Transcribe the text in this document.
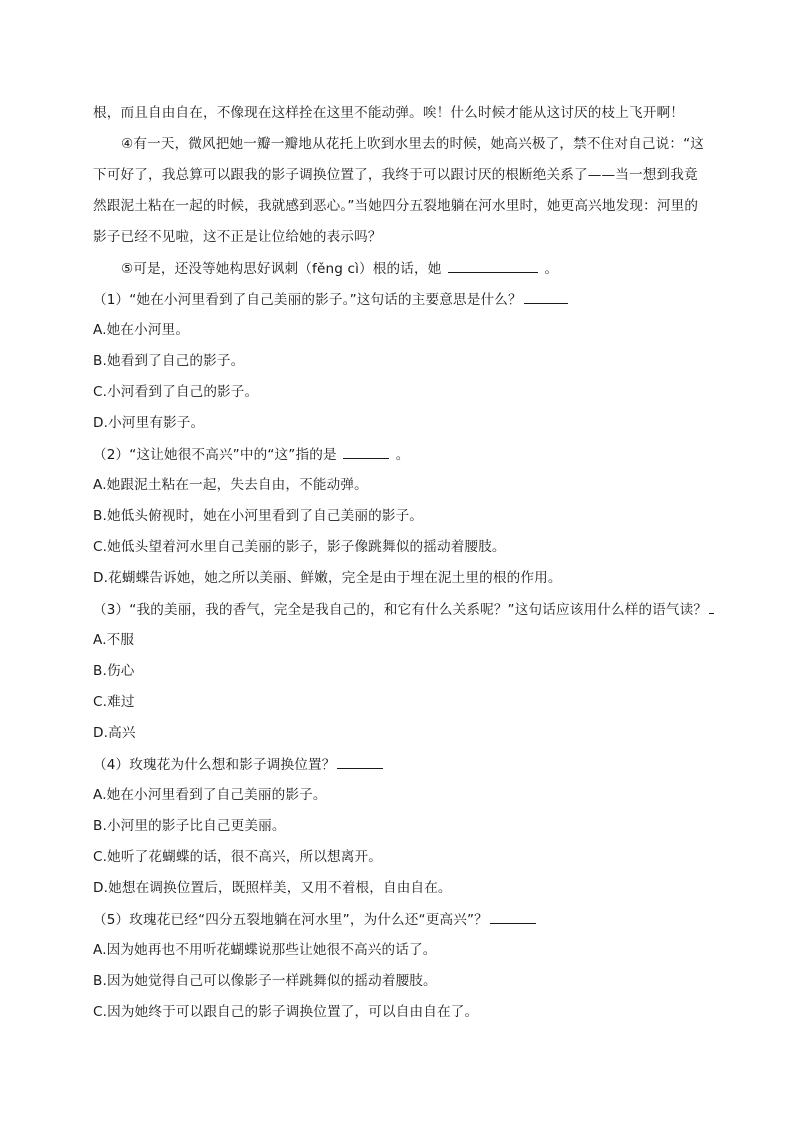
根，而且自由自在，不像现在这样拴在这里不能动弹。唉！什么时候才能从这讨厌的枝上飞开啊！
④有一天，微风把她一瓣一瓣地从花托上吹到水里去的时候，她高兴极了，禁不住对自己说：“这
下可好了，我总算可以跟我的影子调换位置了，我终于可以跟讨厌的根断绝关系了——当一想到我竟
然跟泥土粘在一起的时候，我就感到恶心。”当她四分五裂地躺在河水里时，她更高兴地发现：河里的
影子已经不见啦，这不正是让位给她的表示吗？
⑤可是，还没等她构思好讽刺（fěng cì）根的话，她	。
（1）“她在小河里看到了自己美丽的影子。”这句话的主要意思是什么？
A.她在小河里。
B.她看到了自己的影子。
C.小河看到了自己的影子。
D.小河里有影子。
（2）“这让她很不高兴”中的“这”指的是	。
A.她跟泥土粘在一起，失去自由，不能动弹。
B.她低头俯视时，她在小河里看到了自己美丽的影子。
C.她低头望着河水里自己美丽的影子，影子像跳舞似的摇动着腰肢。
D.花蝴蝶告诉她，她之所以美丽、鲜嫩，完全是由于埋在泥土里的根的作用。
（3）“我的美丽，我的香气，完全是我自己的，和它有什么关系呢？”这句话应该用什么样的语气读？
A.不服
B.伤心
C.难过
D.高兴
（4）玫瑰花为什么想和影子调换位置？
A.她在小河里看到了自己美丽的影子。
B.小河里的影子比自己更美丽。
C.她听了花蝴蝶的话，很不高兴，所以想离开。
D.她想在调换位置后，既照样美，又用不着根，自由自在。
（5）玫瑰花已经“四分五裂地躺在河水里”，为什么还“更高兴”？
A.因为她再也不用听花蝴蝶说那些让她很不高兴的话了。
B.因为她觉得自己可以像影子一样跳舞似的摇动着腰肢。
C.因为她终于可以跟自己的影子调换位置了，可以自由自在了。
